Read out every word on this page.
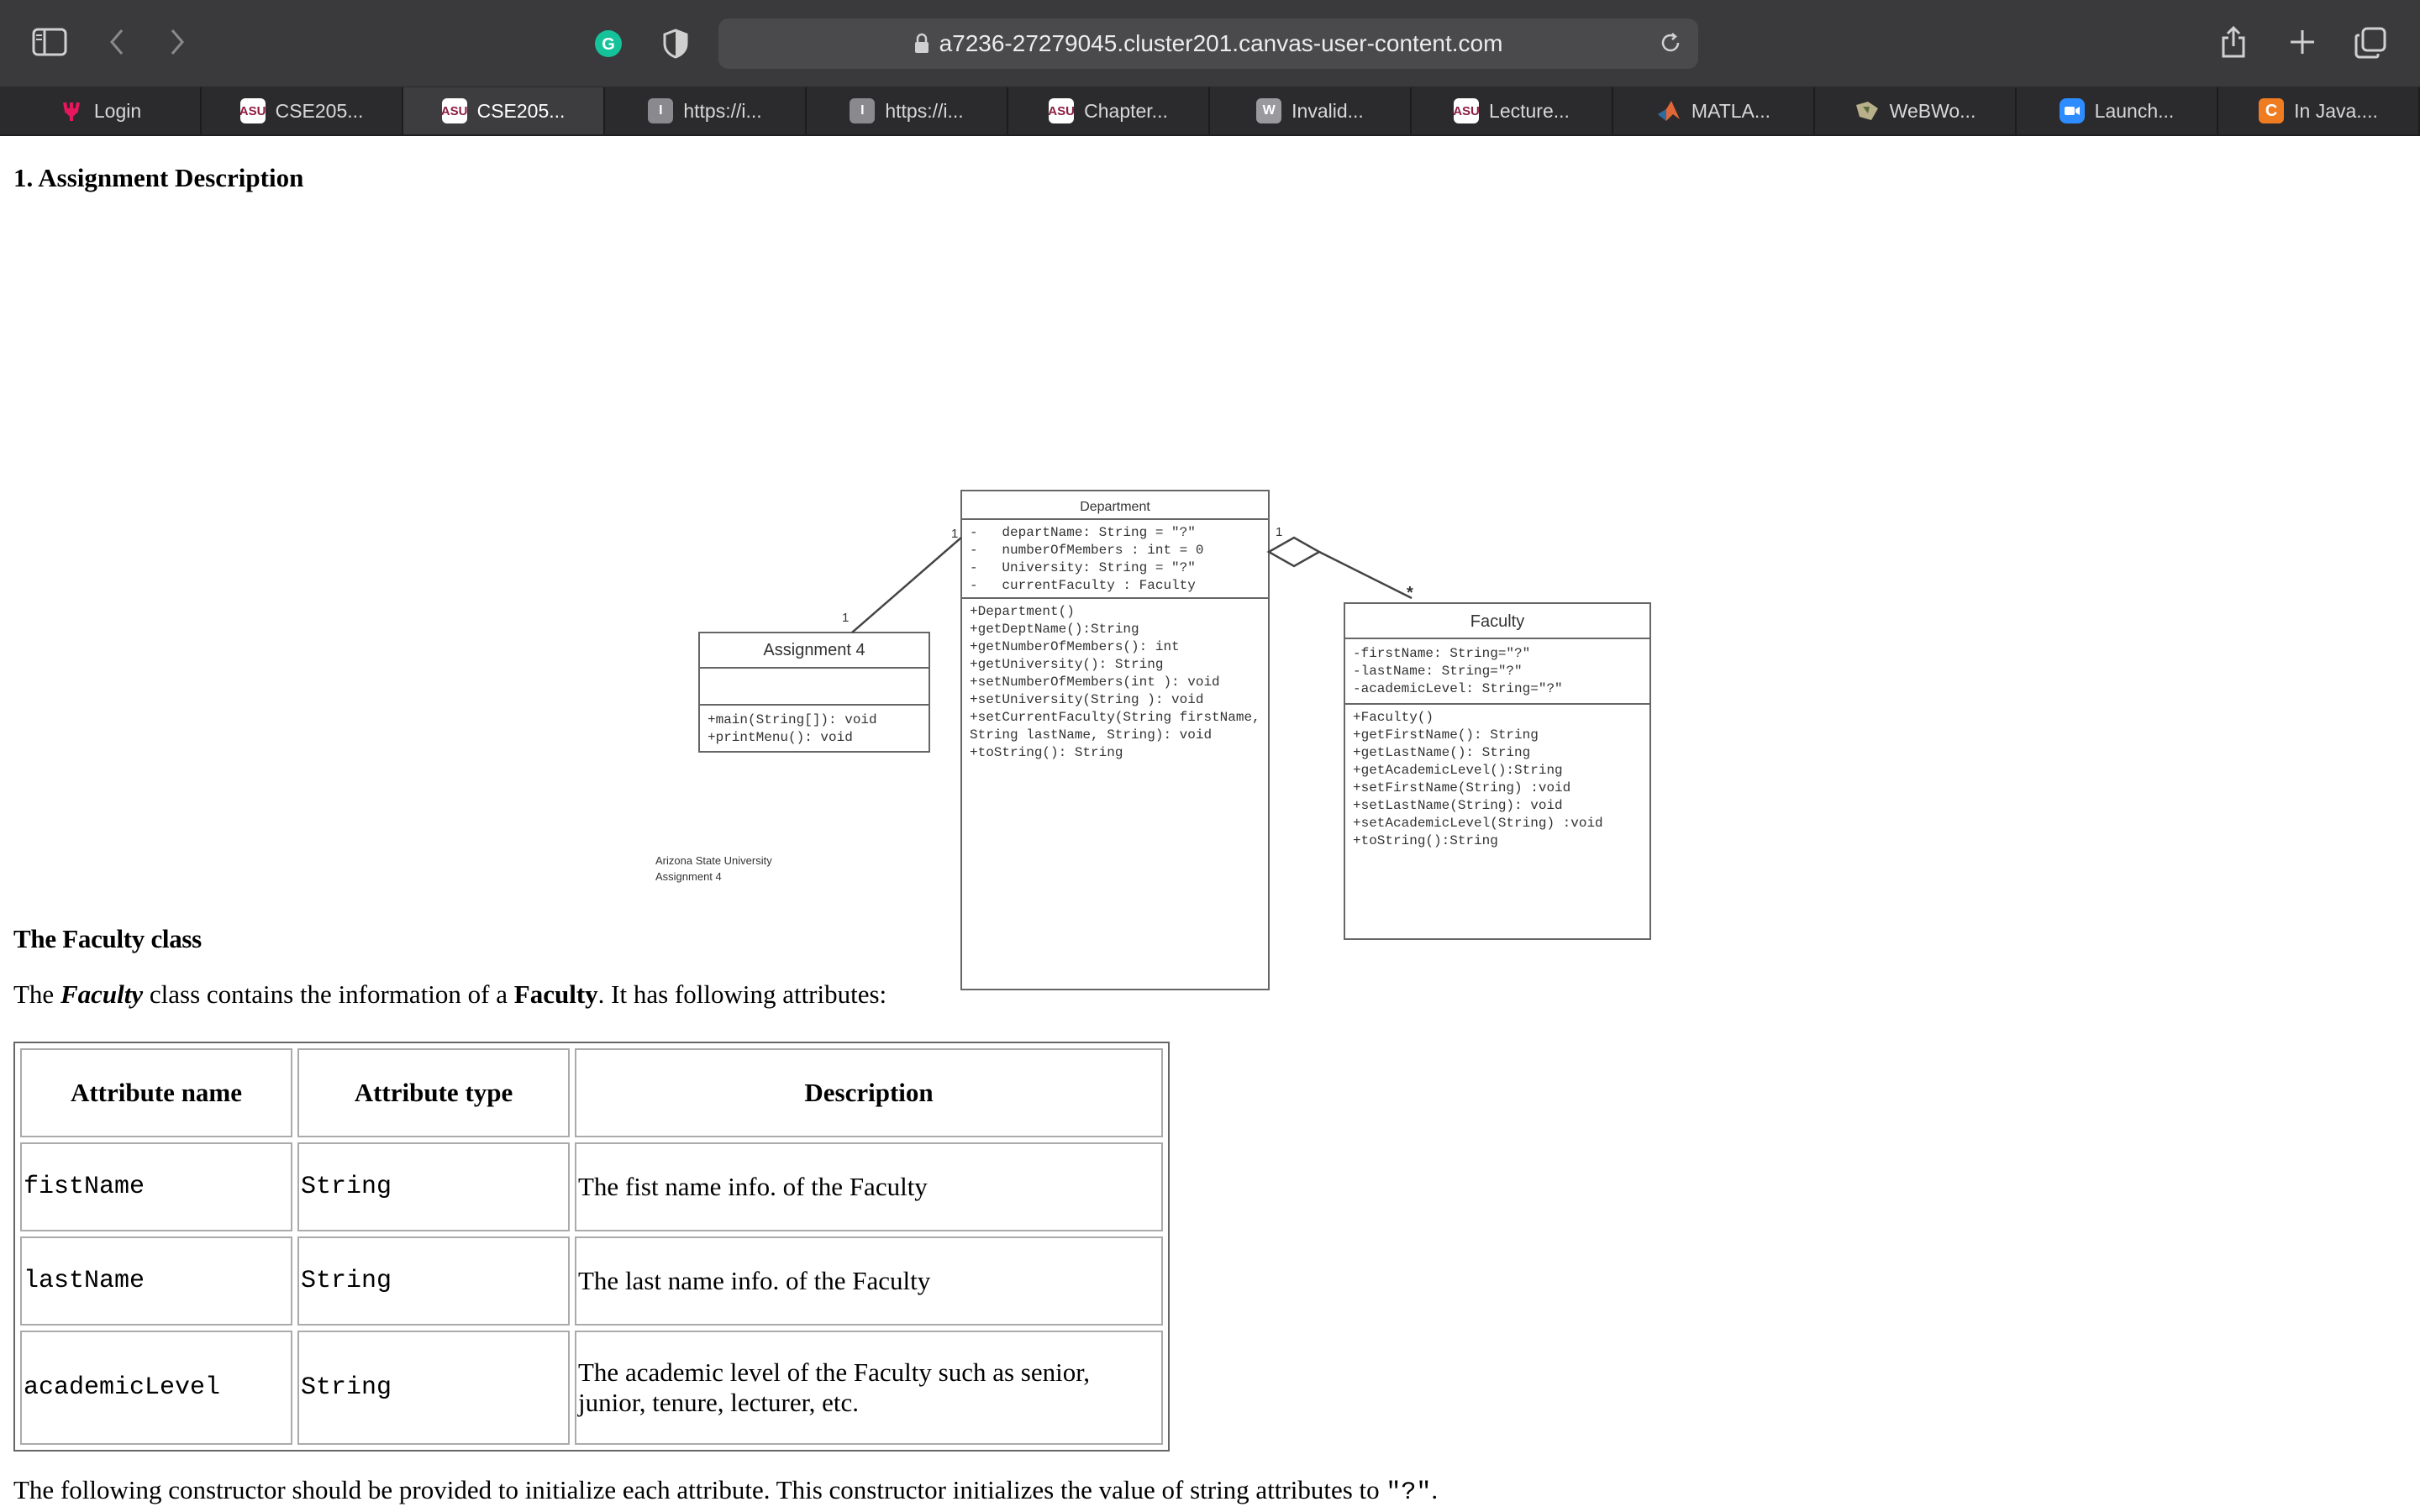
G	a7236-27279045.cluster201.canvas-user-content.com
Login	ASU CSE205...	ASU CSE205...	I	https://i...	I	https://i...	ASU Chapter...	W Invalid...	ASU Lecture...	MATLA...	WeBWo...	Launch...	C In Java....
1. Assignment Description
Department
-   departName: String = "?"
-   numberOfMembers : int = 0
-   University: String = "?"
-   currentFaculty : Faculty
+Department()
+getDeptName():String
+getNumberOfMembers(): int
+getUniversity(): String
+setNumberOfMembers(int ): void
+setUniversity(String ): void
+setCurrentFaculty(String firstName,
String lastName, String): void
+toString(): String
Assignment 4
+main(String[]): void
+printMenu(): void
Faculty
-firstName: String="?"
-lastName: String="?"
-academicLevel: String="?"
+Faculty()
+getFirstName(): String
+getLastName(): String
+getAcademicLevel():String
+setFirstName(String) :void
+setLastName(String): void
+setAcademicLevel(String) :void
+toString():String
1
1	1
*
Arizona State University
Assignment 4
The Faculty class

The Faculty class contains the information of a Faculty. It has following attributes:

Attribute name	Attribute type	Description
fistName	String	The fist name info. of the Faculty
lastName	String	The last name info. of the Faculty
academicLevel	String	The academic level of the Faculty such as senior, junior, tenure, lecturer, etc.

The following constructor should be provided to initialize each attribute. This constructor initializes the value of string attributes to "?".
